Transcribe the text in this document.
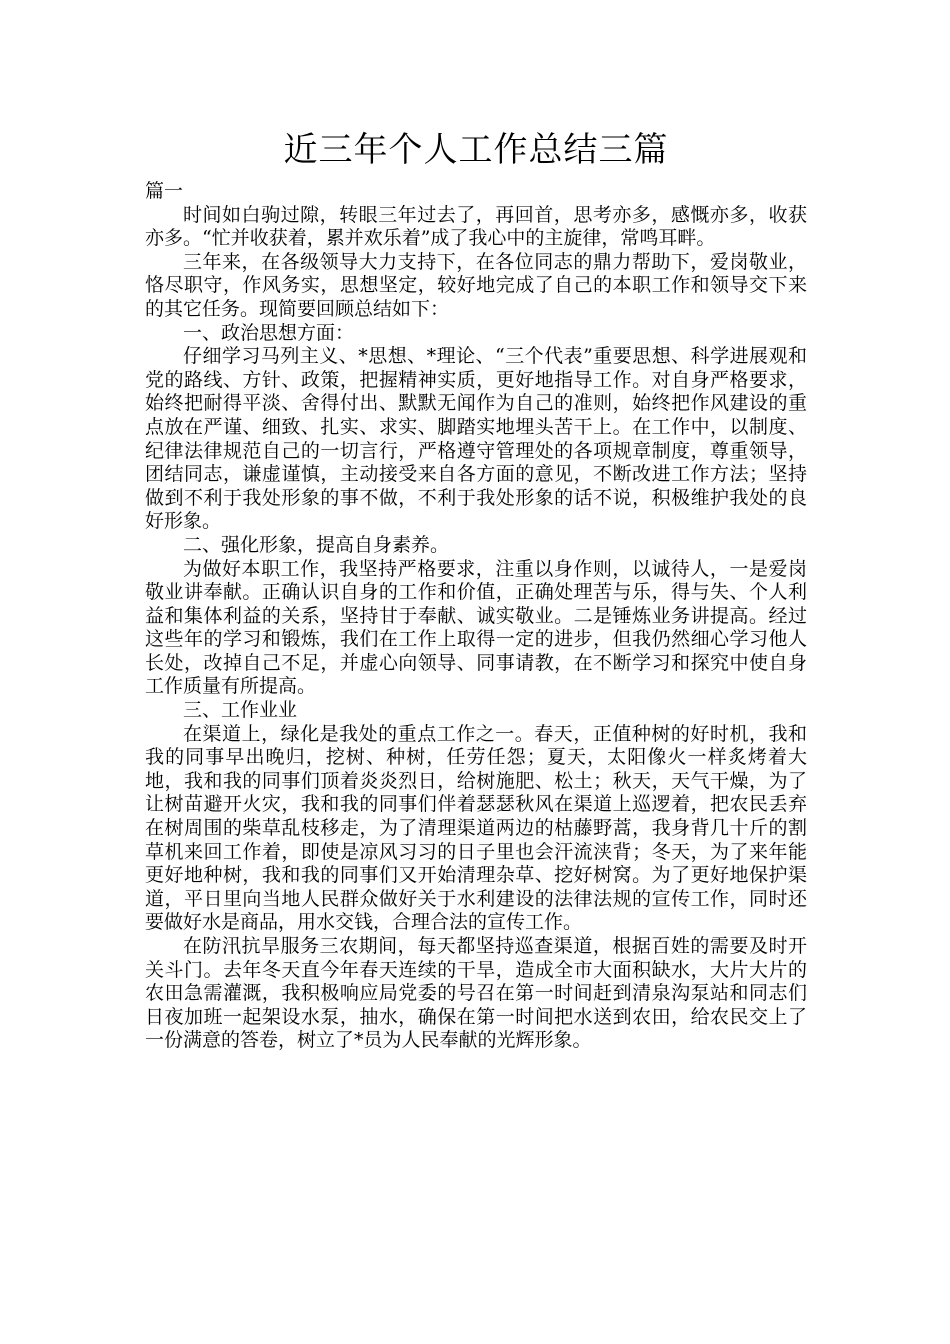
近三年个人工作总结三篇

篇一

时间如白驹过隙，转眼三年过去了，再回首，思考亦多，感慨亦多，收获亦多。“忙并收获着，累并欢乐着”成了我心中的主旋律，常鸣耳畔。

三年来，在各级领导大力支持下，在各位同志的鼎力帮助下，爱岗敬业，恪尽职守，作风务实，思想坚定，较好地完成了自己的本职工作和领导交下来的其它任务。现简要回顾总结如下：

一、政治思想方面：

仔细学习马列主义、*思想、*理论、“三个代表”重要思想、科学进展观和党的路线、方针、政策，把握精神实质，更好地指导工作。对自身严格要求，始终把耐得平淡、舍得付出、默默无闻作为自己的准则，始终把作风建设的重点放在严谨、细致、扎实、求实、脚踏实地埋头苦干上。在工作中，以制度、纪律法律规范自己的一切言行，严格遵守管理处的各项规章制度，尊重领导，团结同志，谦虚谨慎，主动接受来自各方面的意见，不断改进工作方法；坚持做到不利于我处形象的事不做，不利于我处形象的话不说，积极维护我处的良好形象。

二、强化形象，提高自身素养。

为做好本职工作，我坚持严格要求，注重以身作则，以诚待人，一是爱岗敬业讲奉献。正确认识自身的工作和价值，正确处理苦与乐，得与失、个人利益和集体利益的关系，坚持甘于奉献、诚实敬业。二是锤炼业务讲提高。经过这些年的学习和锻炼，我们在工作上取得一定的进步，但我仍然细心学习他人长处，改掉自己不足，并虚心向领导、同事请教，在不断学习和探究中使自身工作质量有所提高。

三、工作业业

在渠道上，绿化是我处的重点工作之一。春天，正值种树的好时机，我和我的同事早出晚归，挖树、种树，任劳任怨；夏天，太阳像火一样炙烤着大地，我和我的同事们顶着炎炎烈日，给树施肥、松土；秋天，天气干燥，为了让树苗避开火灾，我和我的同事们伴着瑟瑟秋风在渠道上巡逻着，把农民丢弃在树周围的柴草乱枝移走，为了清理渠道两边的枯藤野蒿，我身背几十斤的割草机来回工作着，即使是凉风习习的日子里也会汗流浃背；冬天，为了来年能更好地种树，我和我的同事们又开始清理杂草、挖好树窝。为了更好地保护渠道，平日里向当地人民群众做好关于水利建设的法律法规的宣传工作，同时还要做好水是商品，用水交钱，合理合法的宣传工作。

在防汛抗旱服务三农期间，每天都坚持巡查渠道，根据百姓的需要及时开关斗门。去年冬天直今年春天连续的干旱，造成全市大面积缺水，大片大片的农田急需灌溉，我积极响应局党委的号召在第一时间赶到清泉沟泵站和同志们日夜加班一起架设水泵，抽水，确保在第一时间把水送到农田，给农民交上了一份满意的答卷，树立了*员为人民奉献的光辉形象。
